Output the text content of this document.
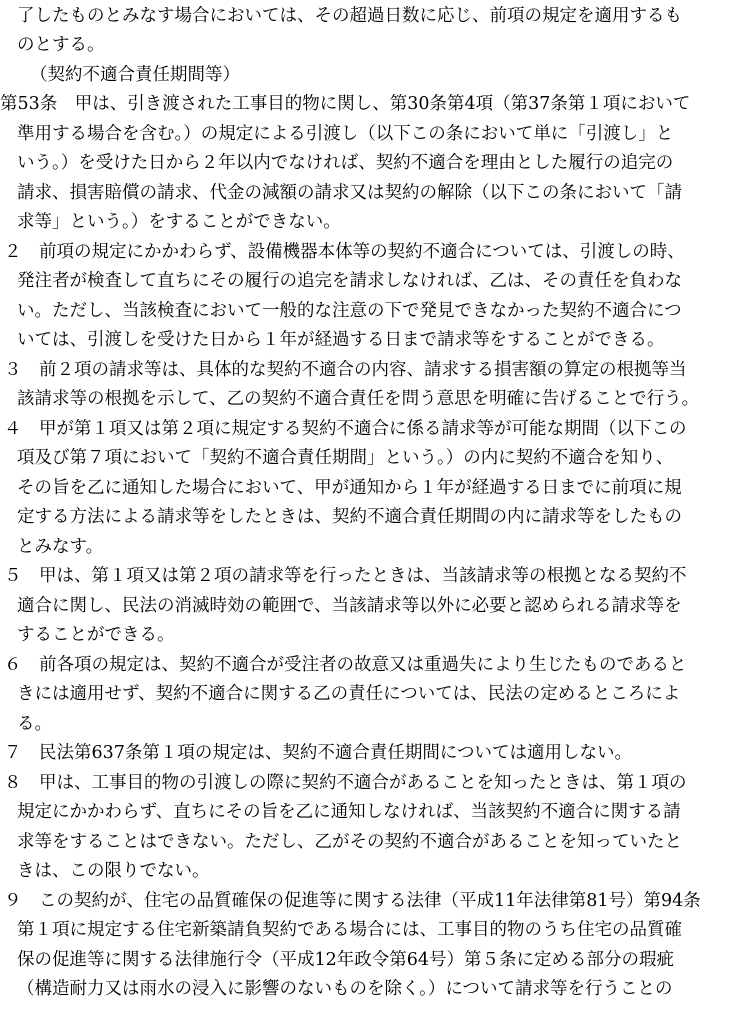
了したものとみなす場合においては、その超過日数に応じ、前項の規定を適用するも
のとする。
（契約不適合責任期間等）
第53条　甲は、引き渡された工事目的物に関し、第30条第4項（第37条第１項において
準用する場合を含む。）の規定による引渡し（以下この条において単に「引渡し」と
いう。）を受けた日から２年以内でなければ、契約不適合を理由とした履行の追完の
請求、損害賠償の請求、代金の減額の請求又は契約の解除（以下この条において「請
求等」という。）をすることができない。
２　前項の規定にかかわらず、設備機器本体等の契約不適合については、引渡しの時、
発注者が検査して直ちにその履行の追完を請求しなければ、乙は、その責任を負わな
い。ただし、当該検査において一般的な注意の下で発見できなかった契約不適合につ
いては、引渡しを受けた日から１年が経過する日まで請求等をすることができる。
３　前２項の請求等は、具体的な契約不適合の内容、請求する損害額の算定の根拠等当
該請求等の根拠を示して、乙の契約不適合責任を問う意思を明確に告げることで行う。
４　甲が第１項又は第２項に規定する契約不適合に係る請求等が可能な期間（以下この
項及び第７項において「契約不適合責任期間」という。）の内に契約不適合を知り、
その旨を乙に通知した場合において、甲が通知から１年が経過する日までに前項に規
定する方法による請求等をしたときは、契約不適合責任期間の内に請求等をしたもの
とみなす。
５　甲は、第１項又は第２項の請求等を行ったときは、当該請求等の根拠となる契約不
適合に関し、民法の消滅時効の範囲で、当該請求等以外に必要と認められる請求等を
することができる。
６　前各項の規定は、契約不適合が受注者の故意又は重過失により生じたものであると
きには適用せず、契約不適合に関する乙の責任については、民法の定めるところによ
る。
７　民法第637条第１項の規定は、契約不適合責任期間については適用しない。
８　甲は、工事目的物の引渡しの際に契約不適合があることを知ったときは、第１項の
規定にかかわらず、直ちにその旨を乙に通知しなければ、当該契約不適合に関する請
求等をすることはできない。ただし、乙がその契約不適合があることを知っていたと
きは、この限りでない。
９　この契約が、住宅の品質確保の促進等に関する法律（平成11年法律第81号）第94条
第１項に規定する住宅新築請負契約である場合には、工事目的物のうち住宅の品質確
保の促進等に関する法律施行令（平成12年政令第64号）第５条に定める部分の瑕疵
（構造耐力又は雨水の浸入に影響のないものを除く。）について請求等を行うことの
